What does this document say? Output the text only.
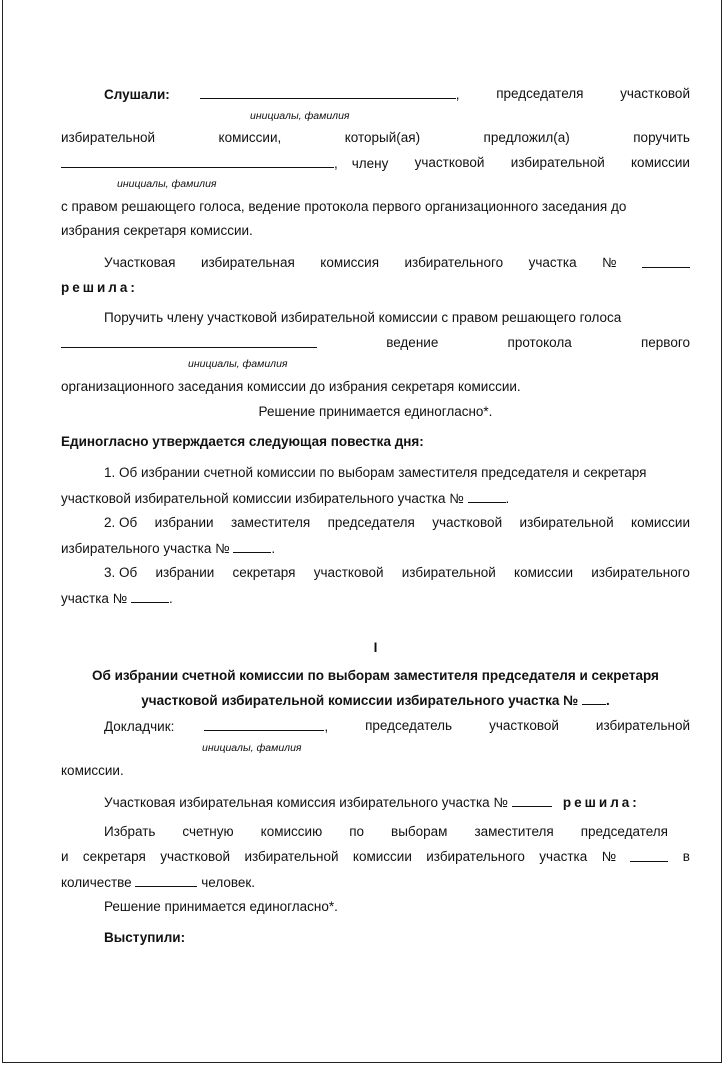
Слушали:	,	председателя	участковой
инициалы, фамилия
избирательной	комиссии,	который(ая)	предложил(а)	поручить
, члену участковой избирательной комиссии
инициалы, фамилия
с правом решающего голоса, ведение протокола первого организационного заседания до
избрания секретаря комиссии.
Участковая избирательная комиссия избирательного участка №
решила:
Поручить члену участковой избирательной комиссии с правом решающего голоса
ведение	протокола	первого
инициалы, фамилия
организационного заседания комиссии до избрания секретаря комиссии.
Решение принимается единогласно*.
Единогласно утверждается следующая повестка дня:
1. Об избрании счетной комиссии по выборам заместителя председателя и секретаря
участковой избирательной комиссии избирательного участка №	.
2. Об избрании заместителя председателя участковой избирательной комиссии
избирательного участка №	.
3. Об избрании секретаря участковой избирательной комиссии избирательного
участка №	.
I
Об избрании счетной комиссии по выборам заместителя председателя и секретаря
участковой избирательной комиссии избирательного участка № .
Докладчик:	,	председатель	участковой	избирательной
инициалы, фамилия
комиссии.
Участковая избирательная комиссия избирательного участка №	решила:
Избрать счетную комиссию по выборам заместителя председателя
и секретаря участковой избирательной комиссии избирательного участка №	в
количестве	человек.
Решение принимается единогласно*.
Выступили:
